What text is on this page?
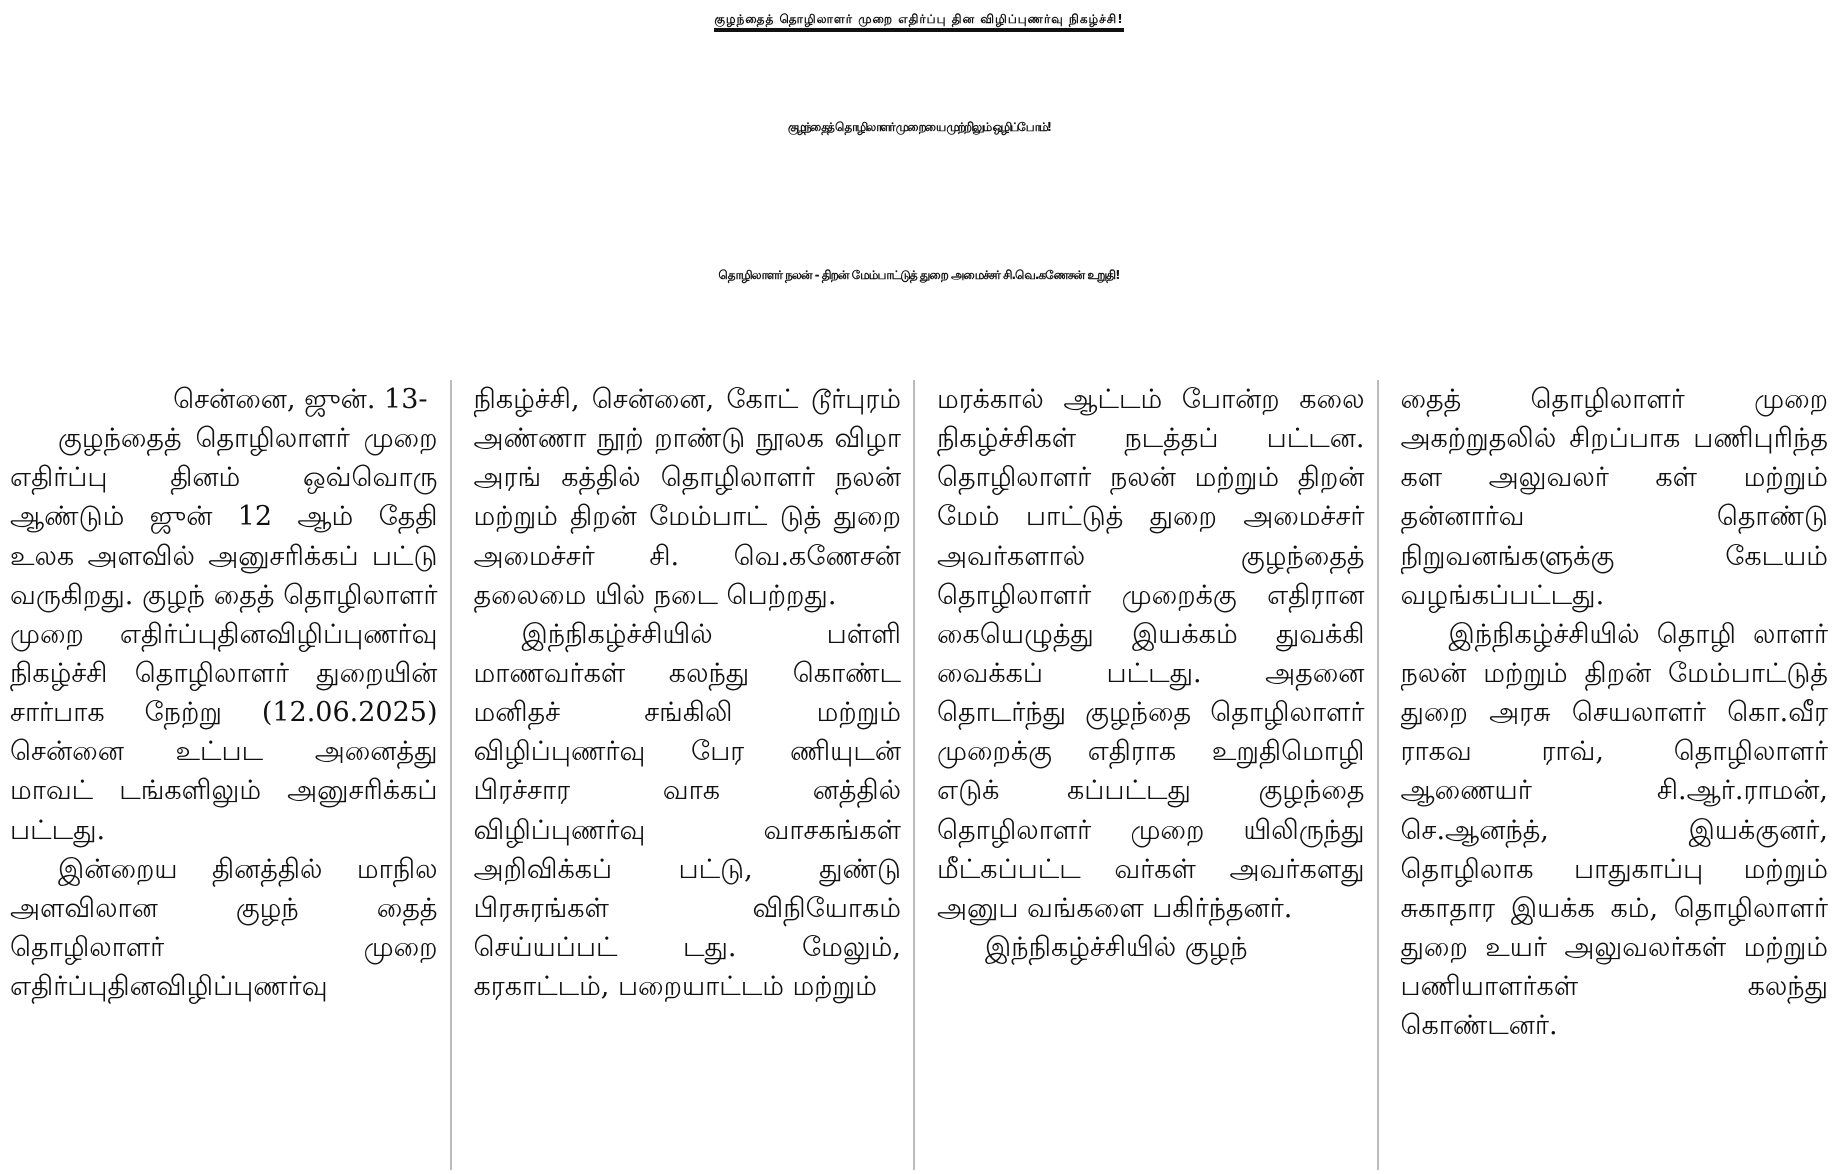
குழந்தைத் தொழிலாளர் முறை எதிர்ப்பு தின விழிப்புணர்வு நிகழ்ச்சி!
குழந்தைத் தொழிலாளர் முறையை முற்றிலும் ஒழிப்போம்!
தொழிலாளர் நலன் - திறன் மேம்பாட்டுத் துறை அமைச்சர் சி.வெ.கணேசன் உறுதி!

சென்னை, ஜுன். 13-

குழந்தைத் தொழிலாளர் முறை எதிர்ப்பு தினம் ஒவ்வொரு ஆண்டும் ஜுன் 12 ஆம் தேதி உலக அளவில் அனுசரிக்கப் பட்டு வருகிறது. குழந் தைத் தொழிலாளர் முறை எதிர்ப்புதினவிழிப்புணர்வு நிகழ்ச்சி தொழிலாளர் துறையின் சார்பாக நேற்று (12.06.2025) சென்னை உட்பட அனைத்து மாவட் டங்களிலும் அனுசரிக்கப் பட்டது.

இன்றைய தினத்தில் மாநில அளவிலான குழந் தைத் தொழிலாளர் முறை எதிர்ப்புதினவிழிப்புணர்வு

நிகழ்ச்சி, சென்னை, கோட் டூர்புரம் அண்ணா நூற் றாண்டு நூலக விழா அரங் கத்தில் தொழிலாளர் நலன் மற்றும் திறன் மேம்பாட் டுத் துறை அமைச்சர் சி. வெ.கணேசன் தலைமை யில் நடை பெற்றது.

இந்நிகழ்ச்சியில் பள்ளி மாணவர்கள் கலந்து கொண்ட மனிதச் சங்கிலி மற்றும் விழிப்புணர்வு பேர ணியுடன் பிரச்சார வாக னத்தில் விழிப்புணர்வு வாசகங்கள் அறிவிக்கப் பட்டு, துண்டு பிரசுரங்கள் விநியோகம் செய்யப்பட் டது. மேலும், கரகாட்டம், பறையாட்டம் மற்றும்

மரக்கால் ஆட்டம் போன்ற கலை நிகழ்ச்சிகள் நடத்தப் பட்டன. தொழிலாளர் நலன் மற்றும் திறன் மேம் பாட்டுத் துறை அமைச்சர் அவர்களால் குழந்தைத் தொழிலாளர் முறைக்கு எதிரான கையெழுத்து இயக்கம் துவக்கி வைக்கப் பட்டது. அதனை தொடர்ந்து குழந்தை தொழிலாளர் முறைக்கு எதிராக உறுதிமொழி எடுக் கப்பட்டது குழந்தை தொழிலாளர் முறை யிலிருந்து மீட்கப்பட்ட வர்கள் அவர்களது அனுப வங்களை பகிர்ந்தனர்.

இந்நிகழ்ச்சியில் குழந்

தைத் தொழிலாளர் முறை அகற்றுதலில் சிறப்பாக பணிபுரிந்த கள அலுவலர் கள் மற்றும் தன்னார்வ தொண்டு நிறுவனங்களுக்கு கேடயம் வழங்கப்பட்டது.

இந்நிகழ்ச்சியில் தொழி லாளர் நலன் மற்றும் திறன் மேம்பாட்டுத் துறை அரசு செயலாளர் கொ.வீர ராகவ ராவ், தொழிலாளர் ஆணையர் சி.ஆர்.ராமன், செ.ஆனந்த், இயக்குனர், தொழிலாக பாதுகாப்பு மற்றும் சுகாதார இயக்க கம், தொழிலாளர் துறை உயர் அலுவலர்கள் மற்றும் பணியாளர்கள் கலந்து கொண்டனர்.
